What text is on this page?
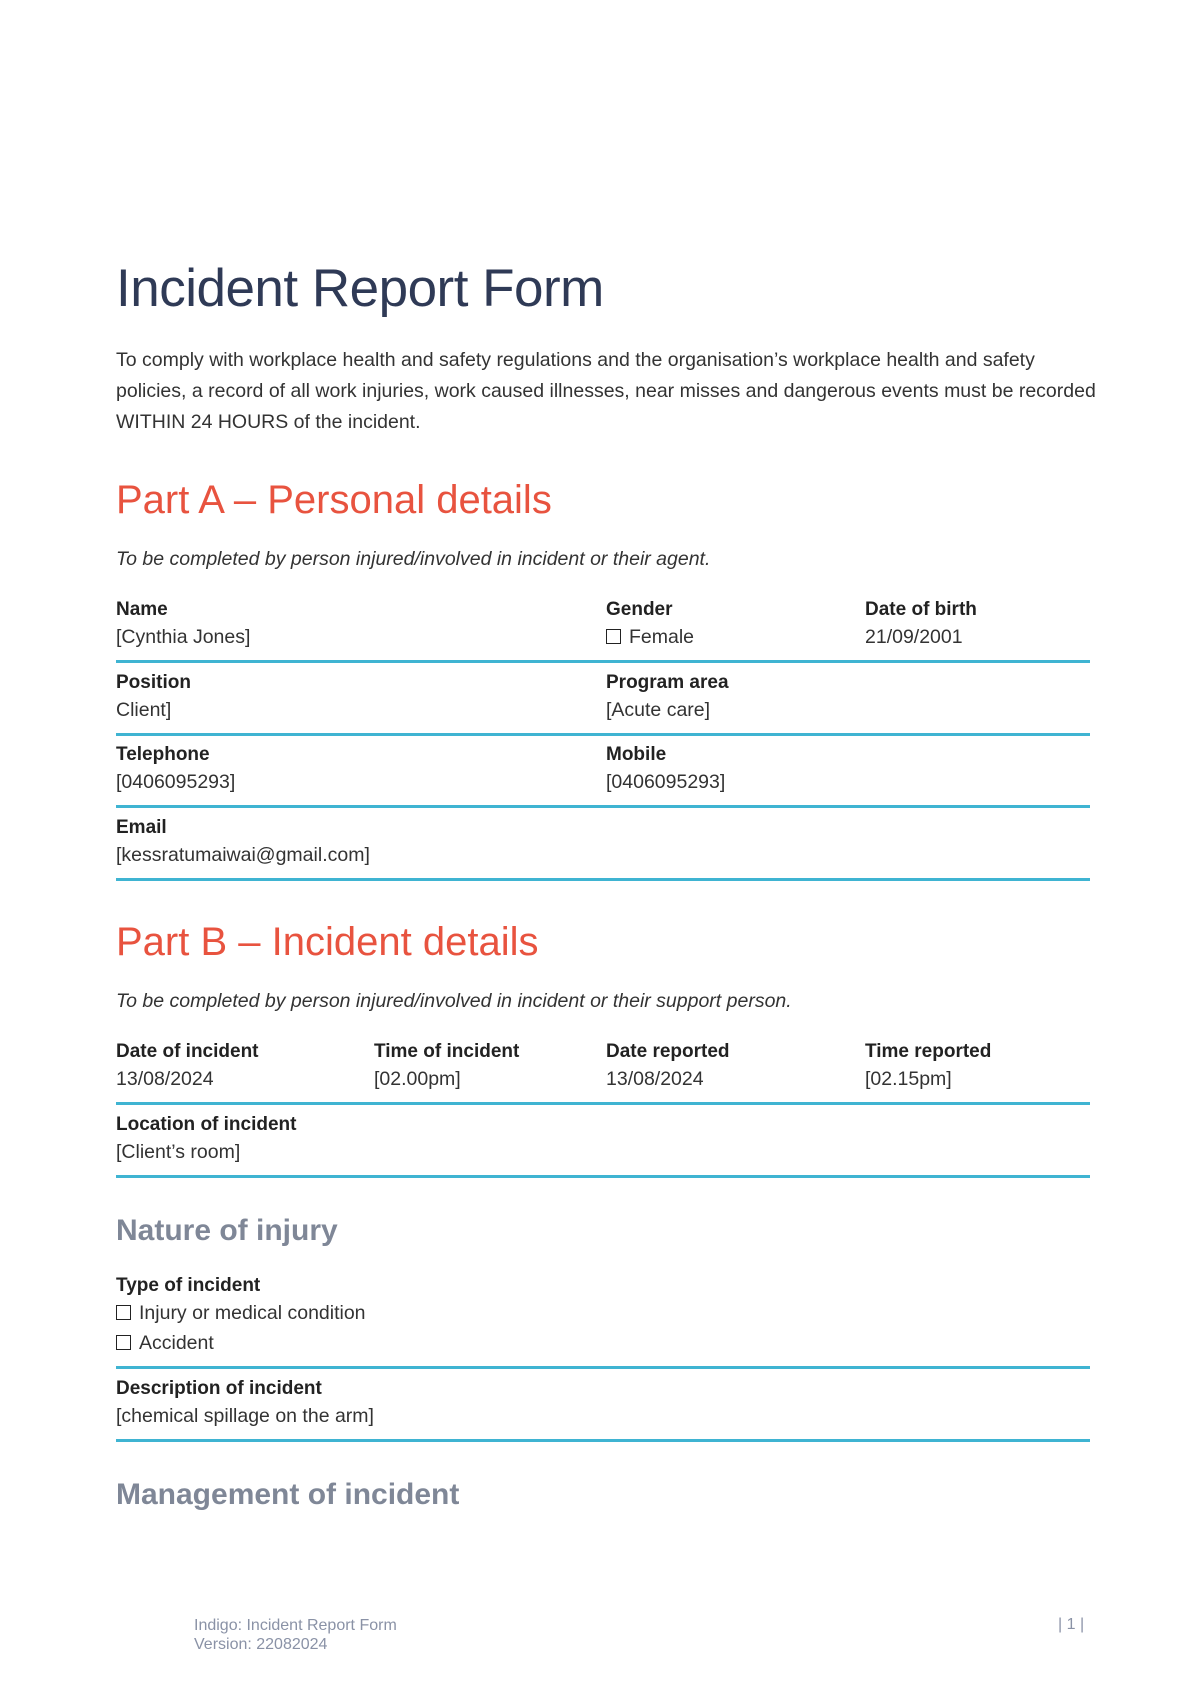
Incident Report Form
To comply with workplace health and safety regulations and the organisation’s workplace health and safety policies, a record of all work injuries, work caused illnesses, near misses and dangerous events must be recorded WITHIN 24 HOURS of the incident.
Part A – Personal details
To be completed by person injured/involved in incident or their agent.
Name
[Cynthia Jones]
Gender
Female
Date of birth
21/09/2001
Position
Client]
Program area
[Acute care]
Telephone
[0406095293]
Mobile
[0406095293]
Email
[kessratumaiwai@gmail.com]
Part B – Incident details
To be completed by person injured/involved in incident or their support person.
Date of incident
13/08/2024
Time of incident
[02.00pm]
Date reported
13/08/2024
Time reported
[02.15pm]
Location of incident
[Client’s room]
Nature of injury
Type of incident
Injury or medical condition
Accident
Description of incident
[chemical spillage on the arm]
Management of incident
Indigo: Incident Report Form
Version: 22082024
| 1 |
